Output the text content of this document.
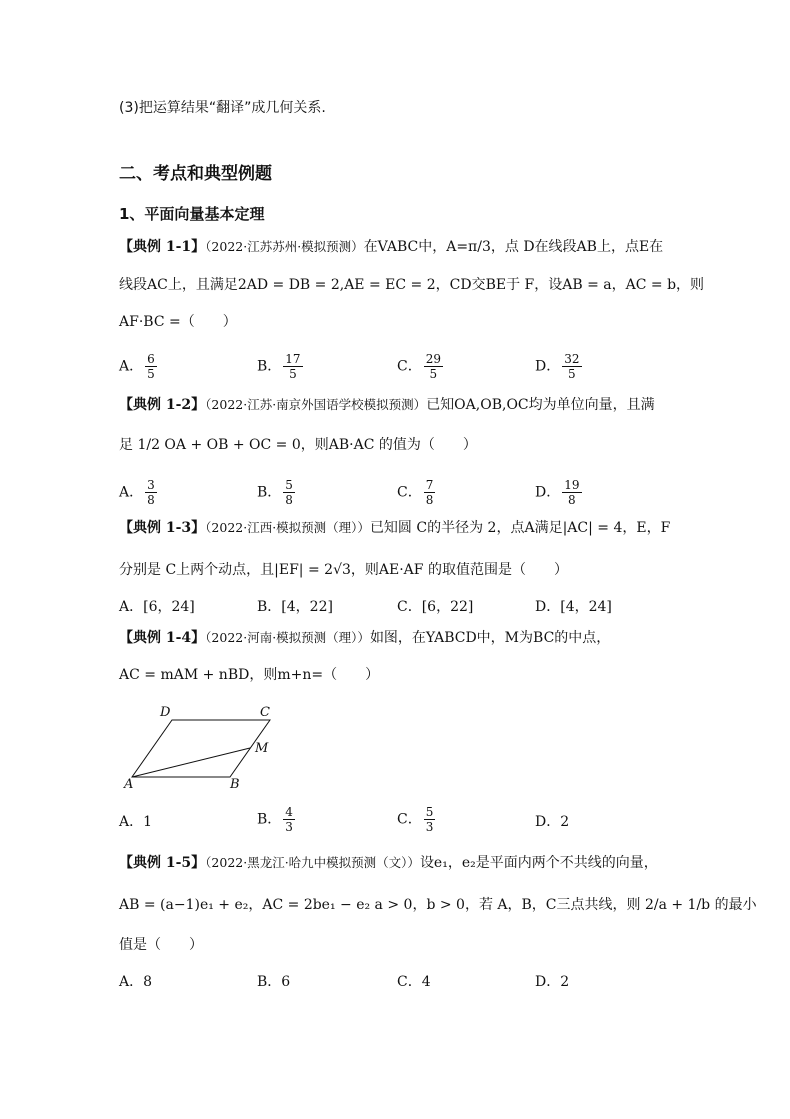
(3)把运算结果“翻译”成几何关系.
二、考点和典型例题
1、平面向量基本定理
【典例 1-1】（2022·江苏苏州·模拟预测）在VABC中，A=π/3，点 D在线段AB上，点E在
线段AC上，且满足2AD = DB = 2,AE = EC = 2，CD交BE于 F，设AB = a，AC = b，则
AF·BC =（　　）
A． $\frac{6}{5}$	B． $\frac{17}{5}$	C． $\frac{29}{5}$	D． $\frac{32}{5}$
【典例 1-2】（2022·江苏·南京外国语学校模拟预测）已知OA,OB,OC均为单位向量，且满
足 1/2 OA + OB + OC = 0，则AB·AC 的值为（　　）
A． $\frac{3}{8}$	B． $\frac{5}{8}$	C． $\frac{7}{8}$	D． $\frac{19}{8}$
【典例 1-3】（2022·江西·模拟预测（理））已知圆 C的半径为 2，点A满足|AC| = 4，E，F
分别是 C上两个动点，且|EF| = 2√3，则AE·AF 的取值范围是（　　）
A．[6，24]	B．[4，22]	C．[6，22]	D．[4，24]
【典例 1-4】（2022·河南·模拟预测（理））如图，在YABCD中，M为BC的中点，
AC = mAM + nBD，则m+n=（　　）
A	B
C
D
M
A．1	B． $\frac{4}{3}$	C． $\frac{5}{3}$	D．2
【典例 1-5】（2022·黑龙江·哈九中模拟预测（文））设e₁，e₂是平面内两个不共线的向量，
AB = (a−1)e₁ + e₂，AC = 2be₁ − e₂ a > 0，b > 0，若 A，B，C三点共线，则 2/a + 1/b 的最小
值是（　　）
A．8	B．6	C．4	D．2
